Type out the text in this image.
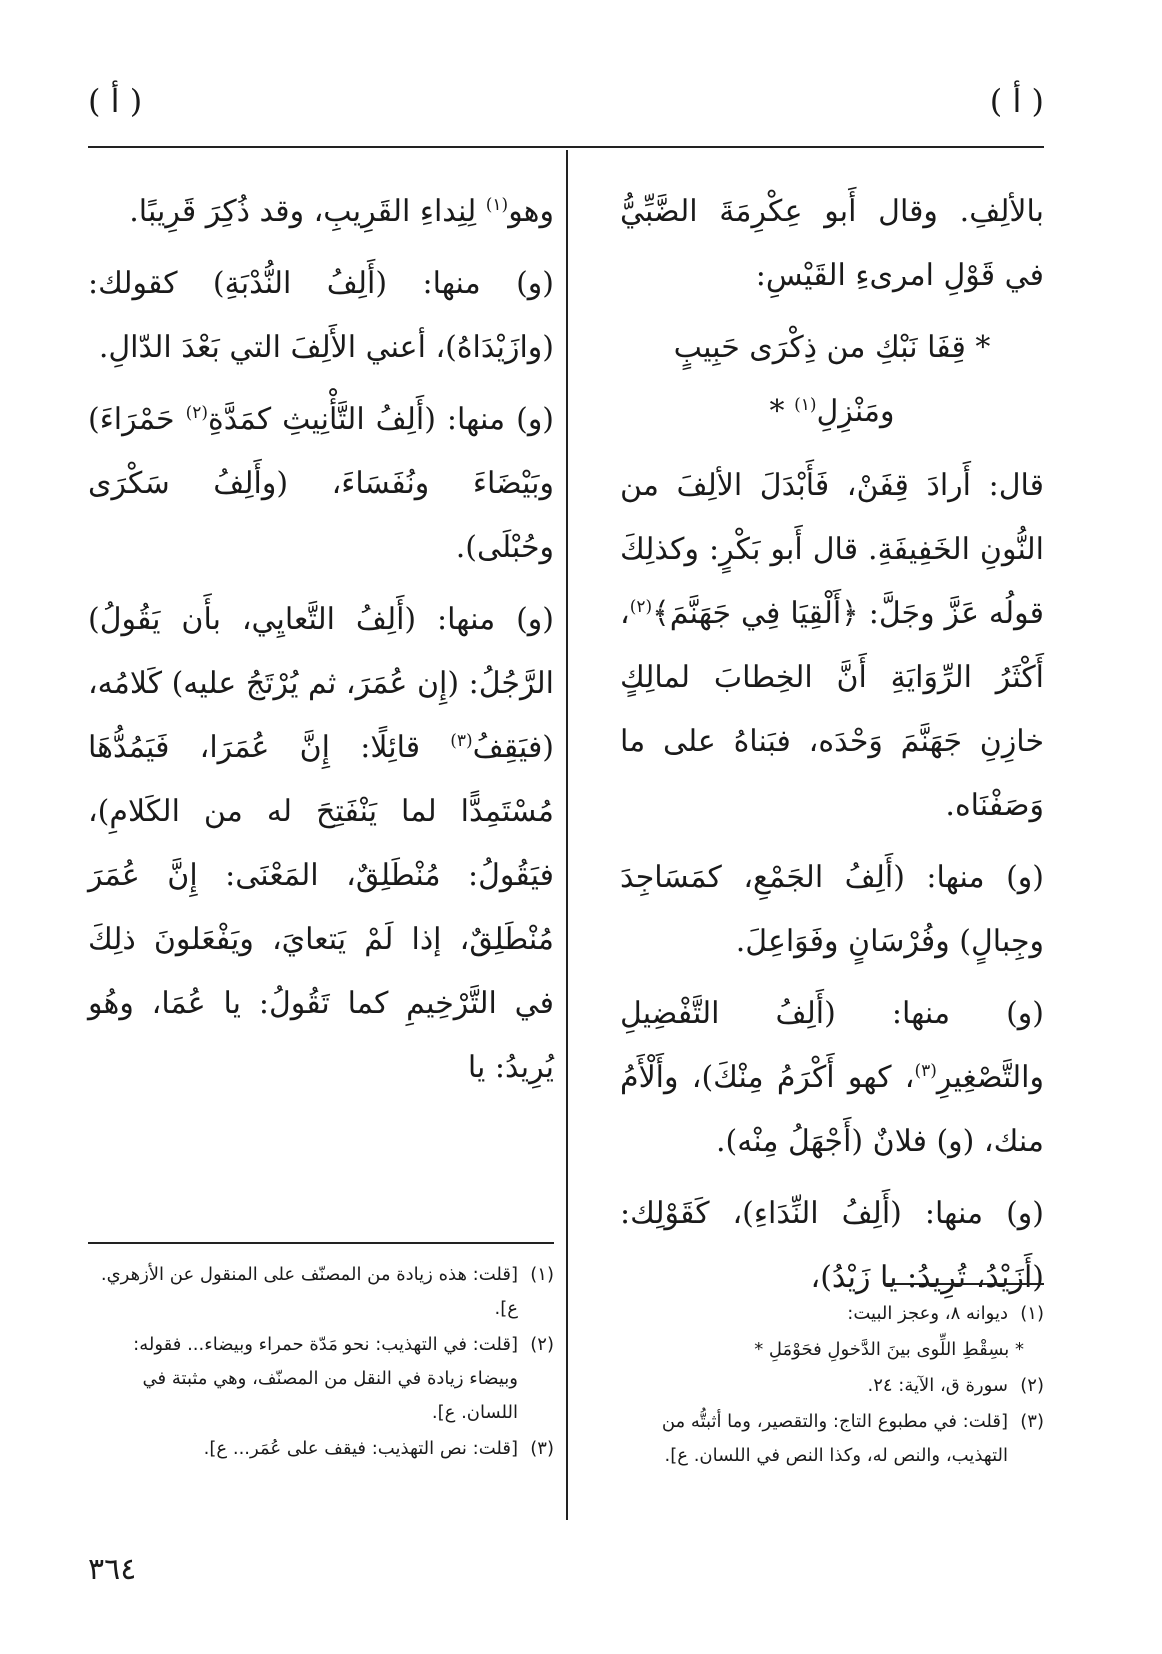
( أ )
( أ )

بالألِفِ. وقال أَبو عِكْرِمَةَ الضَّبِّيُّ في قَوْلِ امرىءِ القَيْسِ:

* قِفَا نَبْكِ من ذِكْرَى حَبِيبٍ ومَنْزِلِ$^{(١)}$ *

قال: أَرادَ قِفَنْ، فَأَبْدَلَ الألِفَ من النُّونِ الخَفِيفَةِ. قال أَبو بَكْرٍ: وكذلِكَ قولُه عَزَّ وجَلَّ: ﴿أَلْقِيَا فِي جَهَنَّمَ﴾$^{(٢)}$، أَكْثَرُ الرِّوَايَةِ أَنَّ الخِطابَ لمالِكٍ خازِنِ جَهَنَّمَ وَحْدَه، فبَناهُ على ما وَصَفْنَاه.

(و) منها: (أَلِفُ الجَمْعِ، كمَسَاجِدَ وجِبالٍ) وفُرْسَانٍ وفَوَاعِلَ.

(و) منها: (أَلِفُ التَّفْضِيلِ والتَّصْغِيرِ$^{(٣)}$، كهو أَكْرَمُ مِنْكَ)، وأَلْأَمُ منك، (و) فلانٌ (أَجْهَلُ مِنْه).

(و) منها: (أَلِفُ النِّدَاءِ)، كَقَوْلِك: (أَزَيْدُ، تُرِيدُ: يا زَيْدُ)،

وهو$^{(١)}$ لِنِداءِ القَرِيبِ، وقد ذُكِرَ قَرِيبًا.

(و) منها: (أَلِفُ النُّدْبَةِ) كقولك: (وازَيْدَاهُ)، أعني الأَلِفَ التي بَعْدَ الدّالِ.

(و) منها: (أَلِفُ التَّأْنِيثِ كمَدَّةِ$^{(٢)}$ حَمْرَاءَ) وبَيْضَاءَ ونُفَسَاءَ، (وأَلِفُ سَكْرَى وحُبْلَى).

(و) منها: (أَلِفُ التَّعايِي، بأَن يَقُولُ) الرَّجُلُ: (إِن عُمَرَ، ثم يُرْتَجُ عليه) كَلامُه، (فيَقِفُ$^{(٣)}$ قائِلًا: إِنَّ عُمَرَا، فَيَمُدُّهَا مُسْتَمِدًّا لما يَنْفَتِحَ له من الكَلامِ)، فيَقُولُ: مُنْطَلِقٌ، المَعْنَى: إِنَّ عُمَرَ مُنْطَلِقٌ، إذا لَمْ يَتعايَ، ويَفْعَلونَ ذلِكَ في التَّرْخِيمِ كما تَقُولُ: يا عُمَا، وهُو يُرِيدُ: يا

(١)ديوانه ٨، وعجز البيت:
* بسِقْطِ اللِّوى بينَ الدَّخولِ فحَوْمَلِ *
(٢)سورة ق، الآية: ٢٤.
(٣)[قلت: في مطبوع التاج: والتقصير، وما أثبتُّه من التهذيب، والنص له، وكذا النص في اللسان. ع].
(١)[قلت: هذه زيادة من المصنّف على المنقول عن الأزهري. ع].
(٢)[قلت: في التهذيب: نحو مَدّة حمراء وبيضاء... فقوله: وبيضاء زيادة في النقل من المصنّف، وهي مثبتة في اللسان. ع].
(٣)[قلت: نص التهذيب: فيقف على عُمَر... ع].
٣٦٤
